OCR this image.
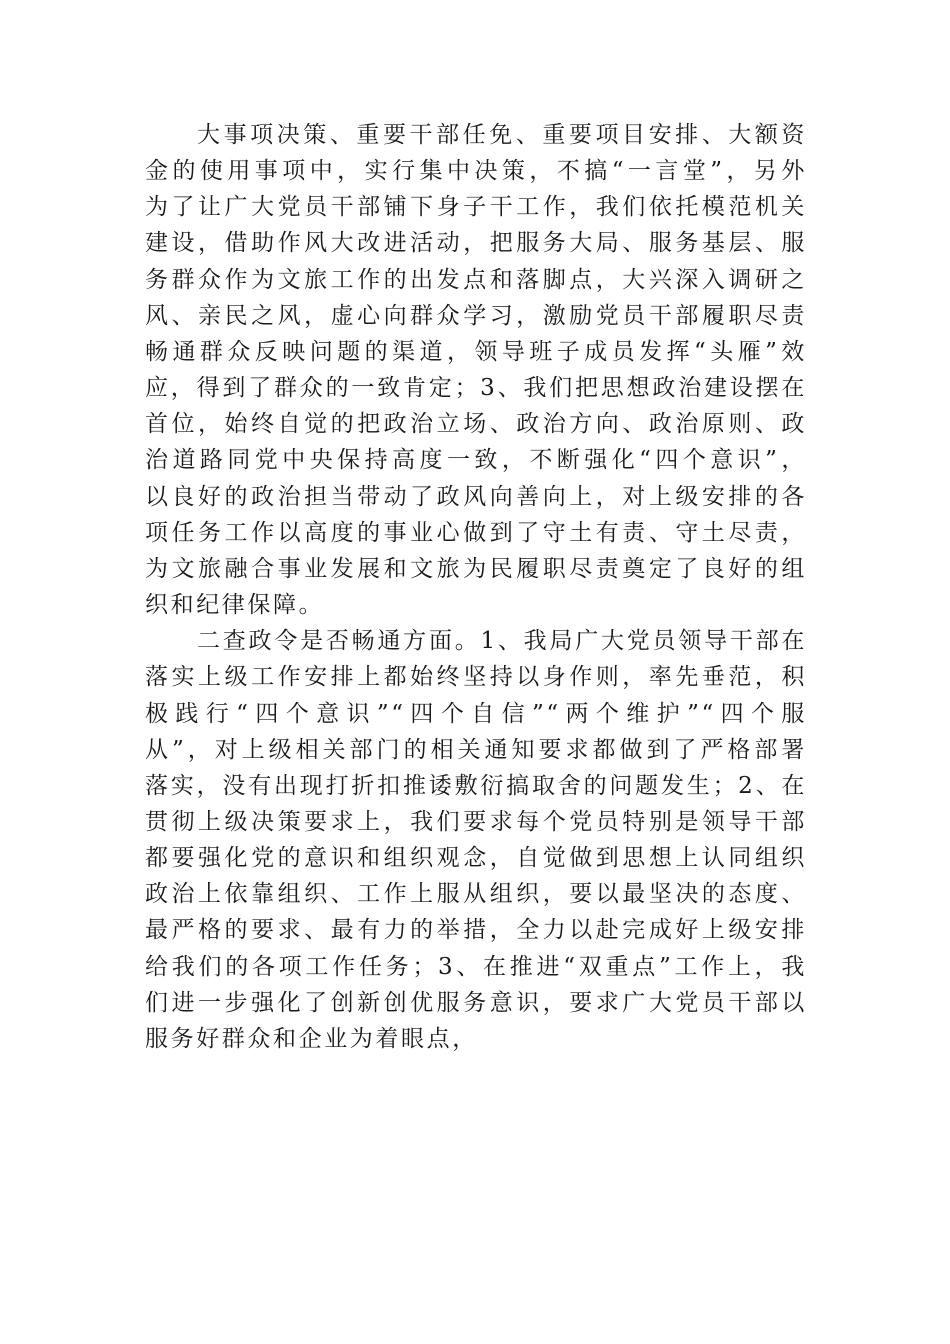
大事项决策、重要干部任免、重要项目安排、大额资
金的使用事项中，实行集中决策，不搞“一言堂”，另外
为了让广大党员干部铺下身子干工作，我们依托模范机关
建设，借助作风大改进活动，把服务大局、服务基层、服
务群众作为文旅工作的出发点和落脚点，大兴深入调研之
风、亲民之风，虚心向群众学习，激励党员干部履职尽责
畅通群众反映问题的渠道，领导班子成员发挥“头雁”效
应，得到了群众的一致肯定；3、我们把思想政治建设摆在
首位，始终自觉的把政治立场、政治方向、政治原则、政
治道路同党中央保持高度一致，不断强化“四个意识”，
以良好的政治担当带动了政风向善向上，对上级安排的各
项任务工作以高度的事业心做到了守土有责、守土尽责，
为文旅融合事业发展和文旅为民履职尽责奠定了良好的组
织和纪律保障。
二查政令是否畅通方面。1、我局广大党员领导干部在
落实上级工作安排上都始终坚持以身作则，率先垂范，积
极践行“四个意识”“四个自信”“两个维护”“四个服
从”，对上级相关部门的相关通知要求都做到了严格部署
落实，没有出现打折扣推诿敷衍搞取舍的问题发生；2、在
贯彻上级决策要求上，我们要求每个党员特别是领导干部
都要强化党的意识和组织观念，自觉做到思想上认同组织
政治上依靠组织、工作上服从组织，要以最坚决的态度、
最严格的要求、最有力的举措，全力以赴完成好上级安排
给我们的各项工作任务；3、在推进“双重点”工作上，我
们进一步强化了创新创优服务意识，要求广大党员干部以
服务好群众和企业为着眼点，
